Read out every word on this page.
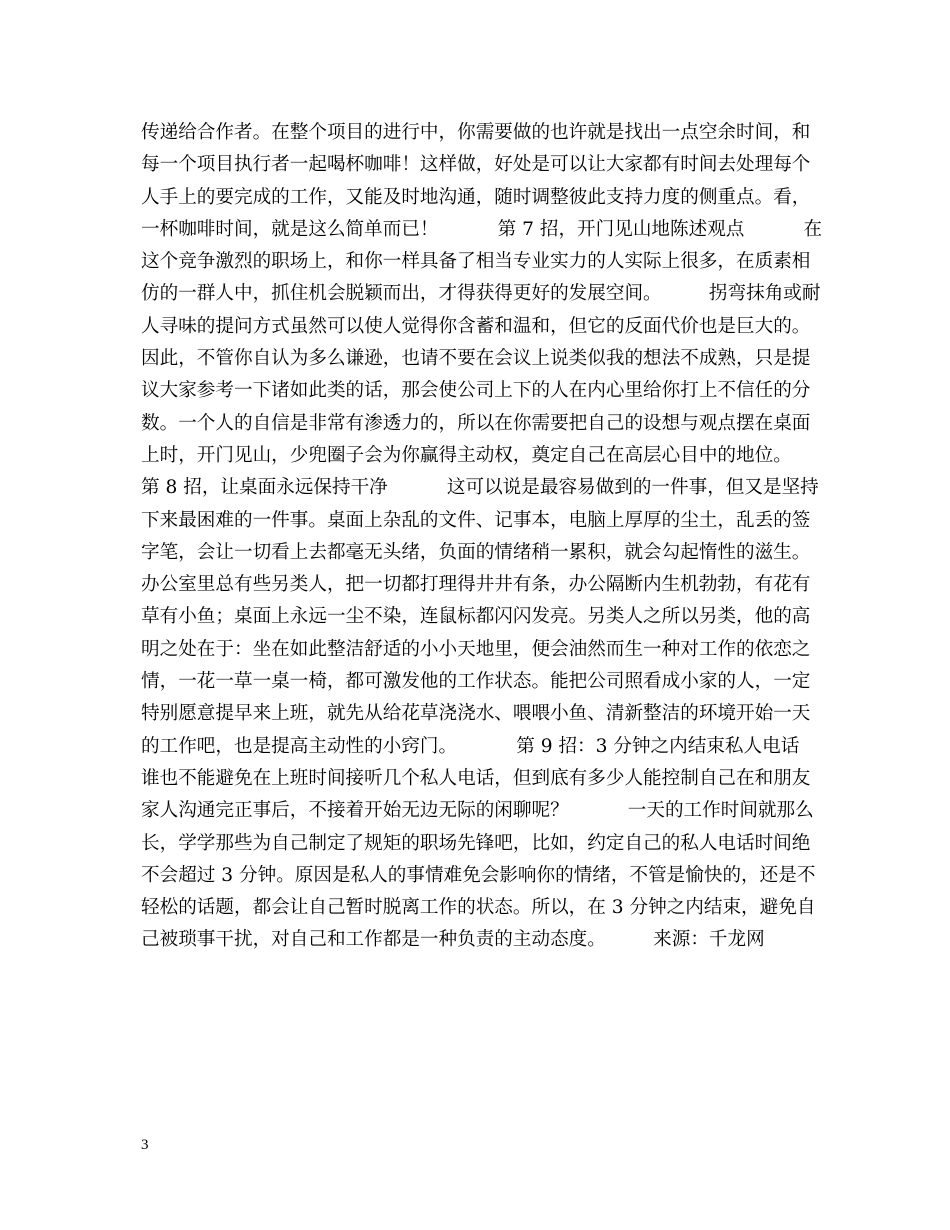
传递给合作者。在整个项目的进行中，你需要做的也许就是找出一点空余时间，和
每一个项目执行者一起喝杯咖啡！这样做，好处是可以让大家都有时间去处理每个
人手上的要完成的工作，又能及时地沟通，随时调整彼此支持力度的侧重点。看，
一杯咖啡时间，就是这么简单而已！          第 7 招，开门见山地陈述观点          在
这个竞争激烈的职场上，和你一样具备了相当专业实力的人实际上很多，在质素相
仿的一群人中，抓住机会脱颖而出，才得获得更好的发展空间。        拐弯抹角或耐
人寻味的提问方式虽然可以使人觉得你含蓄和温和，但它的反面代价也是巨大的。
因此，不管你自认为多么谦逊，也请不要在会议上说类似我的想法不成熟，只是提
议大家参考一下诸如此类的话，那会使公司上下的人在内心里给你打上不信任的分
数。一个人的自信是非常有渗透力的，所以在你需要把自己的设想与观点摆在桌面
上时，开门见山，少兜圈子会为你赢得主动权，奠定自己在高层心目中的地位。
第 8 招，让桌面永远保持干净          这可以说是最容易做到的一件事，但又是坚持
下来最困难的一件事。桌面上杂乱的文件、记事本，电脑上厚厚的尘土，乱丢的签
字笔，会让一切看上去都毫无头绪，负面的情绪稍一累积，就会勾起惰性的滋生。
办公室里总有些另类人，把一切都打理得井井有条，办公隔断内生机勃勃，有花有
草有小鱼；桌面上永远一尘不染，连鼠标都闪闪发亮。另类人之所以另类，他的高
明之处在于：坐在如此整洁舒适的小小天地里，便会油然而生一种对工作的依恋之
情，一花一草一桌一椅，都可激发他的工作状态。能把公司照看成小家的人，一定
特别愿意提早来上班，就先从给花草浇浇水、喂喂小鱼、清新整洁的环境开始一天
的工作吧，也是提高主动性的小窍门。          第 9 招：3 分钟之内结束私人电话
谁也不能避免在上班时间接听几个私人电话，但到底有多少人能控制自己在和朋友
家人沟通完正事后，不接着开始无边无际的闲聊呢？          一天的工作时间就那么
长，学学那些为自己制定了规矩的职场先锋吧，比如，约定自己的私人电话时间绝
不会超过 3 分钟。原因是私人的事情难免会影响你的情绪，不管是愉快的，还是不
轻松的话题，都会让自己暂时脱离工作的状态。所以，在 3 分钟之内结束，避免自
己被琐事干扰，对自己和工作都是一种负责的主动态度。        来源：千龙网
3
